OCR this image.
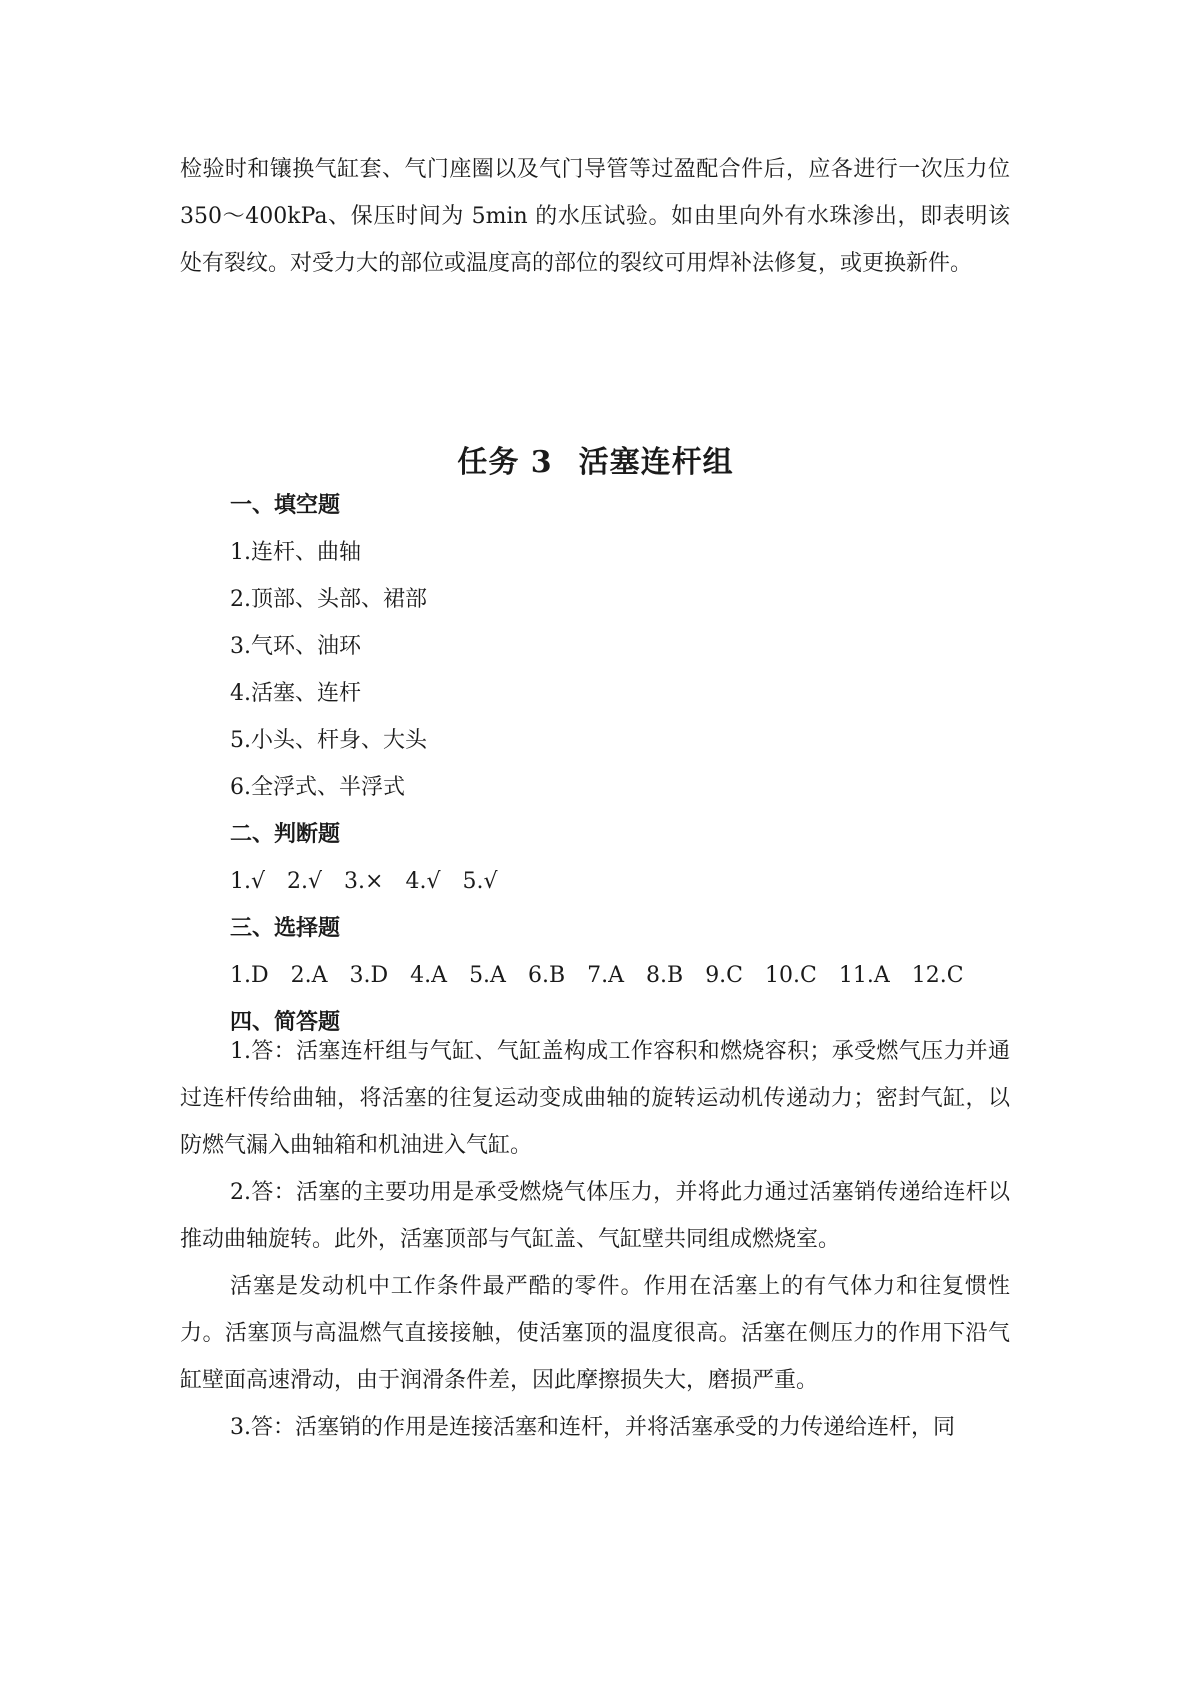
检验时和镶换气缸套、气门座圈以及气门导管等过盈配合件后，应各进行一次压力位 350～400kPa、保压时间为 5min 的水压试验。如由里向外有水珠渗出，即表明该处有裂纹。对受力大的部位或温度高的部位的裂纹可用焊补法修复，或更换新件。
任务 3 活塞连杆组
一、填空题
1.连杆、曲轴
2.顶部、头部、裙部
3.气环、油环
4.活塞、连杆
5.小头、杆身、大头
6.全浮式、半浮式
二、判断题
1.√ 2.√ 3.× 4.√ 5.√
三、选择题
1.D 2.A 3.D 4.A 5.A 6.B 7.A 8.B 9.C 10.C 11.A 12.C
四、简答题
1.答：活塞连杆组与气缸、气缸盖构成工作容积和燃烧容积；承受燃气压力并通过连杆传给曲轴，将活塞的往复运动变成曲轴的旋转运动机传递动力；密封气缸，以防燃气漏入曲轴箱和机油进入气缸。
2.答：活塞的主要功用是承受燃烧气体压力，并将此力通过活塞销传递给连杆以推动曲轴旋转。此外，活塞顶部与气缸盖、气缸壁共同组成燃烧室。
活塞是发动机中工作条件最严酷的零件。作用在活塞上的有气体力和往复惯性力。活塞顶与高温燃气直接接触，使活塞顶的温度很高。活塞在侧压力的作用下沿气缸壁面高速滑动，由于润滑条件差，因此摩擦损失大，磨损严重。
3.答：活塞销的作用是连接活塞和连杆，并将活塞承受的力传递给连杆，同
